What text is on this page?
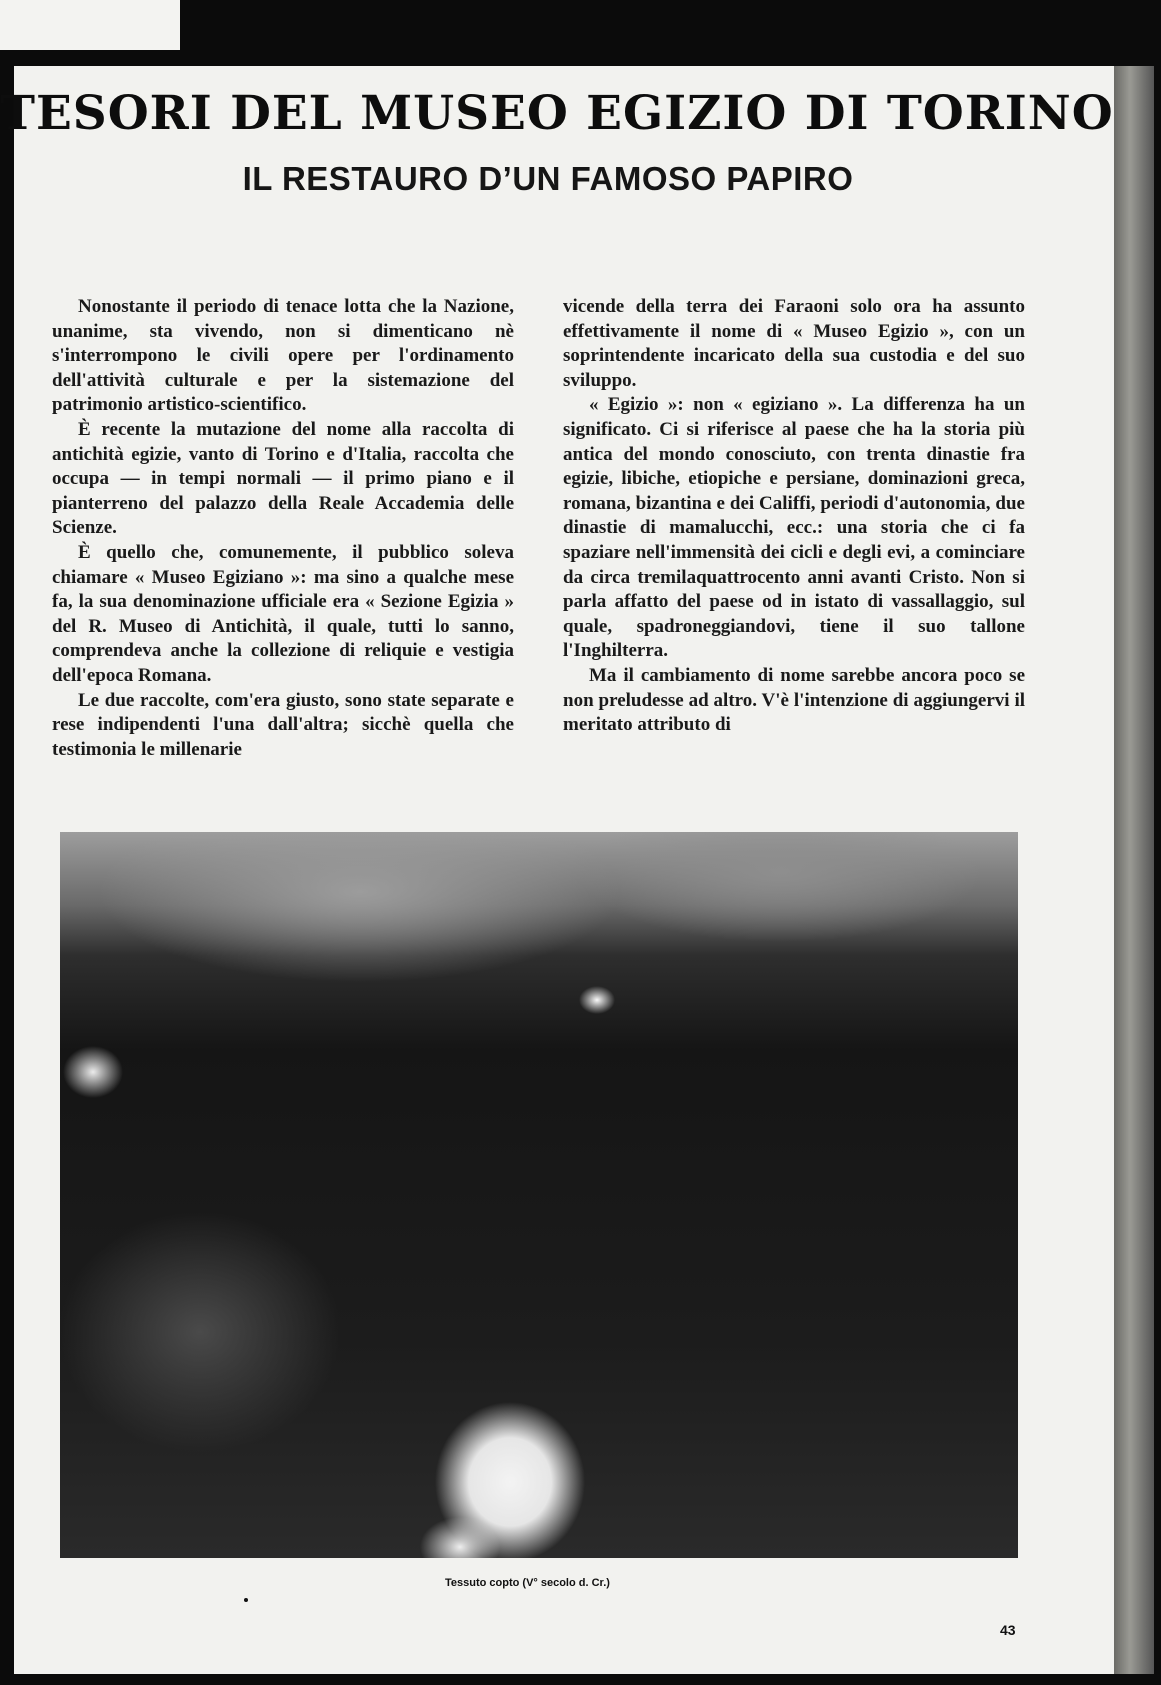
TESORI DEL MUSEO EGIZIO DI TORINO
IL RESTAURO D’UN FAMOSO PAPIRO

Nonostante il periodo di tenace lotta che la Nazione, unanime, sta vivendo, non si dimenticano nè s'interrompono le civili opere per l'ordinamento dell'attività culturale e per la sistemazione del patrimonio artistico-scientifico.

È recente la mutazione del nome alla raccolta di antichità egizie, vanto di Torino e d'Italia, raccolta che occupa — in tempi normali — il primo piano e il pianterreno del palazzo della Reale Accademia delle Scienze.

È quello che, comunemente, il pubblico soleva chiamare « Museo Egiziano »: ma sino a qualche mese fa, la sua denominazione ufficiale era « Sezione Egizia » del R. Museo di Antichità, il quale, tutti lo sanno, comprendeva anche la collezione di reliquie e vestigia dell'epoca Romana.

Le due raccolte, com'era giusto, sono state separate e rese indipendenti l'una dall'altra; sicchè quella che testimonia le millenarie

vicende della terra dei Faraoni solo ora ha assunto effettivamente il nome di « Museo Egizio », con un soprintendente incaricato della sua custodia e del suo sviluppo.

« Egizio »: non « egiziano ». La differenza ha un significato. Ci si riferisce al paese che ha la storia più antica del mondo conosciuto, con trenta dinastie fra egizie, libiche, etiopiche e persiane, dominazioni greca, romana, bizantina e dei Califfi, periodi d'autonomia, due dinastie di mamalucchi, ecc.: una storia che ci fa spaziare nell'immensità dei cicli e degli evi, a cominciare da circa tremilaquattrocento anni avanti Cristo. Non si parla affatto del paese od in istato di vassallaggio, sul quale, spadroneggiandovi, tiene il suo tallone l'Inghilterra.

Ma il cambiamento di nome sarebbe ancora poco se non preludesse ad altro. V'è l'intenzione di aggiungervi il meritato attributo di

Tessuto copto (V° secolo d. Cr.)
43
